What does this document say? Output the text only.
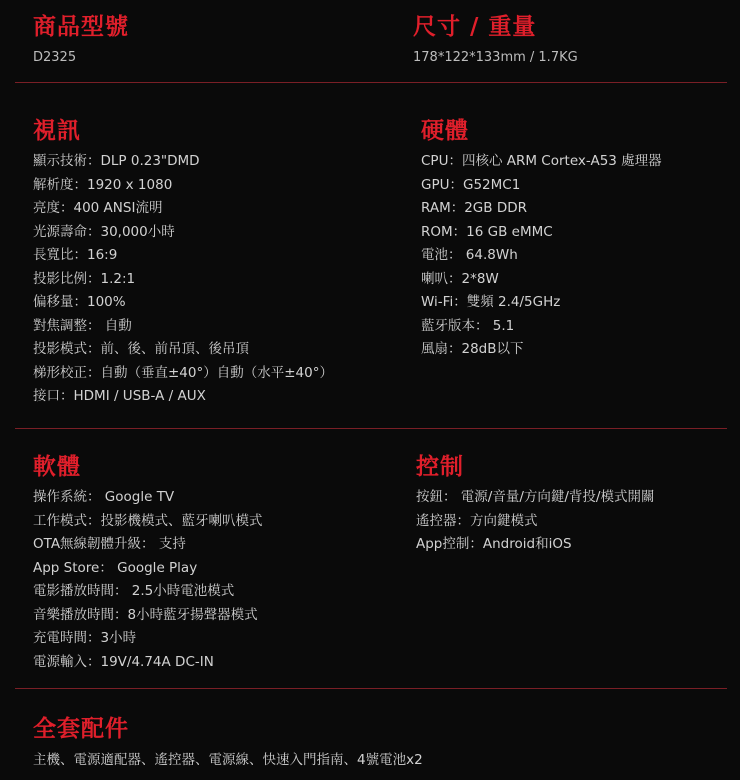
商品型號
D2325
尺寸 / 重量
178*122*133mm / 1.7KG
視訊
顯示技術：DLP 0.23"DMD
解析度：1920 x 1080
亮度：400 ANSI流明
光源壽命：30,000小時
長寬比：16:9
投影比例：1.2:1
偏移量：100%
對焦調整： 自動
投影模式：前、後、前吊頂、後吊頂
梯形校正：自動（垂直±40°）自動（水平±40°）
接口：HDMI / USB-A / AUX
硬體
CPU：四核心 ARM Cortex-A53 處理器
GPU：G52MC1
RAM：2GB DDR
ROM：16 GB eMMC
電池： 64.8Wh
喇叭：2*8W
Wi-Fi：雙頻 2.4/5GHz
藍牙版本： 5.1
風扇：28dB以下
軟體
操作系統： Google TV
工作模式：投影機模式、藍牙喇叭模式
OTA無線韌體升級： 支持
App Store： Google Play
電影播放時間： 2.5小時電池模式
音樂播放時間：8小時藍牙揚聲器模式
充電時間：3小時
電源輸入：19V/4.74A DC-IN
控制
按鈕： 電源/音量/方向鍵/背投/模式開關
遙控器：方向鍵模式
App控制：Android和iOS
全套配件
主機、電源適配器、遙控器、電源線、快速入門指南、4號電池x2
